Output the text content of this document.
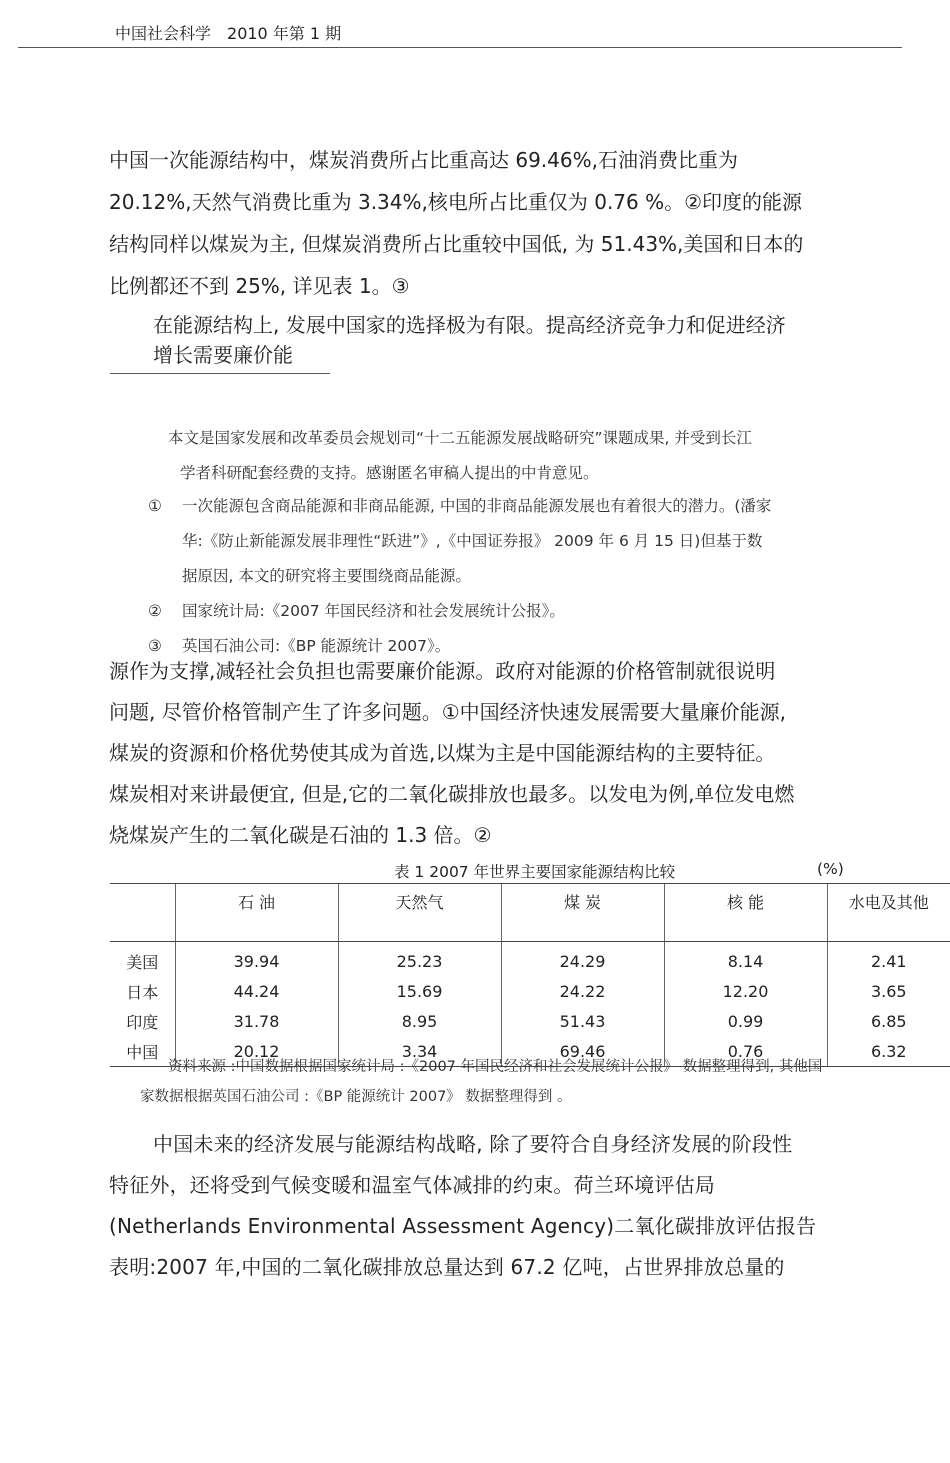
中国社会科学 2010 年第 1 期
中国一次能源结构中，煤炭消费所占比重高达 69.46%,石油消费比重为
20.12%,天然气消费比重为 3.34%,核电所占比重仅为 0.76 %。②印度的能源
结构同样以煤炭为主, 但煤炭消费所占比重较中国低, 为 51.43%,美国和日本的
比例都还不到 25%, 详见表 1。③
在能源结构上, 发展中国家的选择极为有限。提高经济竞争力和促进经济
增长需要廉价能
本文是国家发展和改革委员会规划司“十二五能源发展战略研究”课题成果, 并受到长江
学者科研配套经费的支持。感谢匿名审稿人提出的中肯意见。
① 一次能源包含商品能源和非商品能源, 中国的非商品能源发展也有着很大的潜力。(潘家
华:《防止新能源发展非理性“跃进”》,《中国证券报》 2009 年 6 月 15 日)但基于数
据原因, 本文的研究将主要围绕商品能源。
② 国家统计局:《2007 年国民经济和社会发展统计公报》。
③ 英国石油公司:《BP 能源统计 2007》。
源作为支撑,减轻社会负担也需要廉价能源。政府对能源的价格管制就很说明
问题, 尽管价格管制产生了许多问题。①中国经济快速发展需要大量廉价能源,
煤炭的资源和价格优势使其成为首选,以煤为主是中国能源结构的主要特征。
煤炭相对来讲最便宜, 但是,它的二氧化碳排放也最多。以发电为例,单位发电燃
烧煤炭产生的二氧化碳是石油的 1.3 倍。②
表 1 2007 年世界主要国家能源结构比较	(%)
	石 油	天然气	煤 炭	核 能	水电及其他
美国	39.94	25.23	24.29	8.14	2.41
日本	44.24	15.69	24.22	12.20	3.65
印度	31.78	8.95	51.43	0.99	6.85
中国	20.12	3.34	69.46	0.76	6.32
资料来源 :中国数据根据国家统计局 :《2007 年国民经济和社会发展统计公报》 数据整理得到, 其他国
家数据根据英国石油公司 :《BP 能源统计 2007》 数据整理得到 。
中国未来的经济发展与能源结构战略, 除了要符合自身经济发展的阶段性
特征外，还将受到气候变暖和温室气体减排的约束。荷兰环境评估局
(Netherlands Environmental Assessment Agency)二氧化碳排放评估报告
表明:2007 年,中国的二氧化碳排放总量达到 67.2 亿吨，占世界排放总量的
